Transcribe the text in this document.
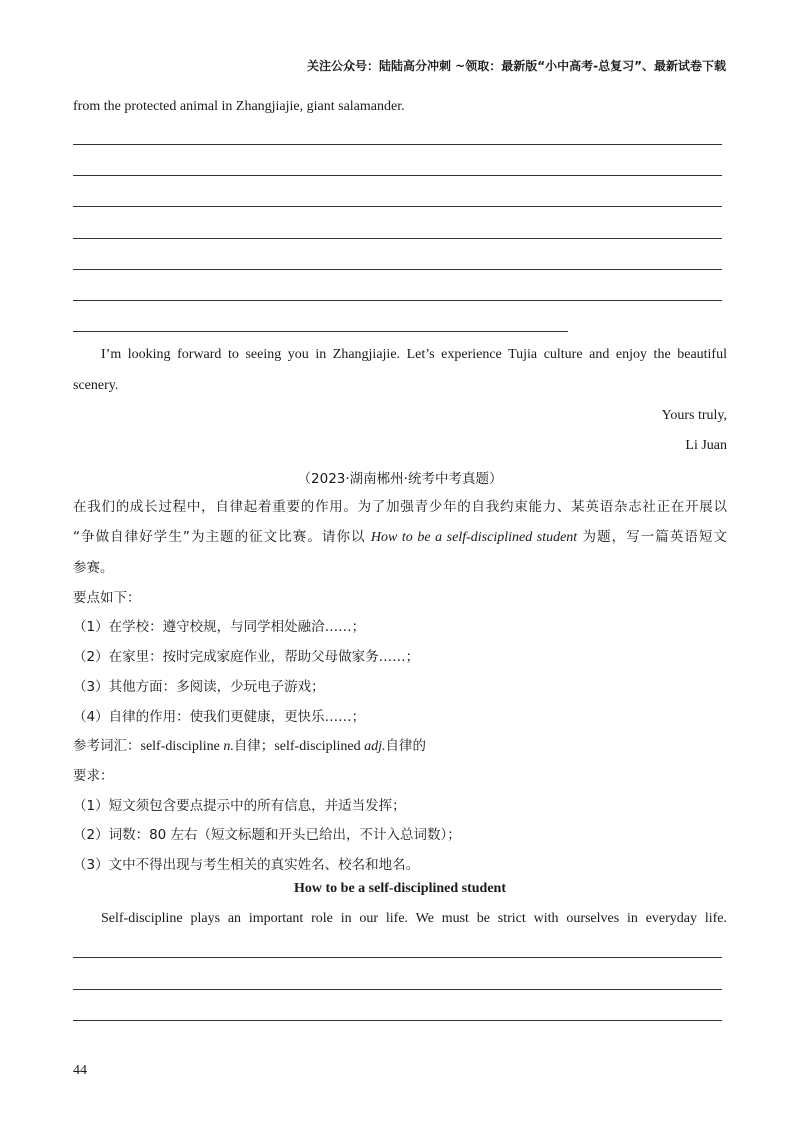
关注公众号：陆陆高分冲刺 ~领取：最新版“小中高考-总复习”、最新试卷下载
from the protected animal in Zhangjiajie, giant salamander.
I’m looking forward to seeing you in Zhangjiajie. Let’s experience Tujia culture and enjoy the beautiful
scenery.
Yours truly,
Li Juan
（2023·湖南郴州·统考中考真题）
在我们的成长过程中，自律起着重要的作用。为了加强青少年的自我约束能力、某英语杂志社正在开展以
“争做自律好学生”为主题的征文比赛。请你以 How to be a self-disciplined student 为题，写一篇英语短文
参赛。
要点如下：
（1）在学校：遵守校规，与同学相处融洽……；
（2）在家里：按时完成家庭作业，帮助父母做家务……；
（3）其他方面：多阅读，少玩电子游戏；
（4）自律的作用：使我们更健康，更快乐……；
参考词汇：self-discipline n.自律；self-disciplined adj.自律的
要求：
（1）短文须包含要点提示中的所有信息，并适当发挥；
（2）词数：80 左右（短文标题和开头已给出，不计入总词数）；
（3）文中不得出现与考生相关的真实姓名、校名和地名。
How to be a self-disciplined student
Self-discipline plays an important role in our life. We must be strict with ourselves in everyday life.
44
